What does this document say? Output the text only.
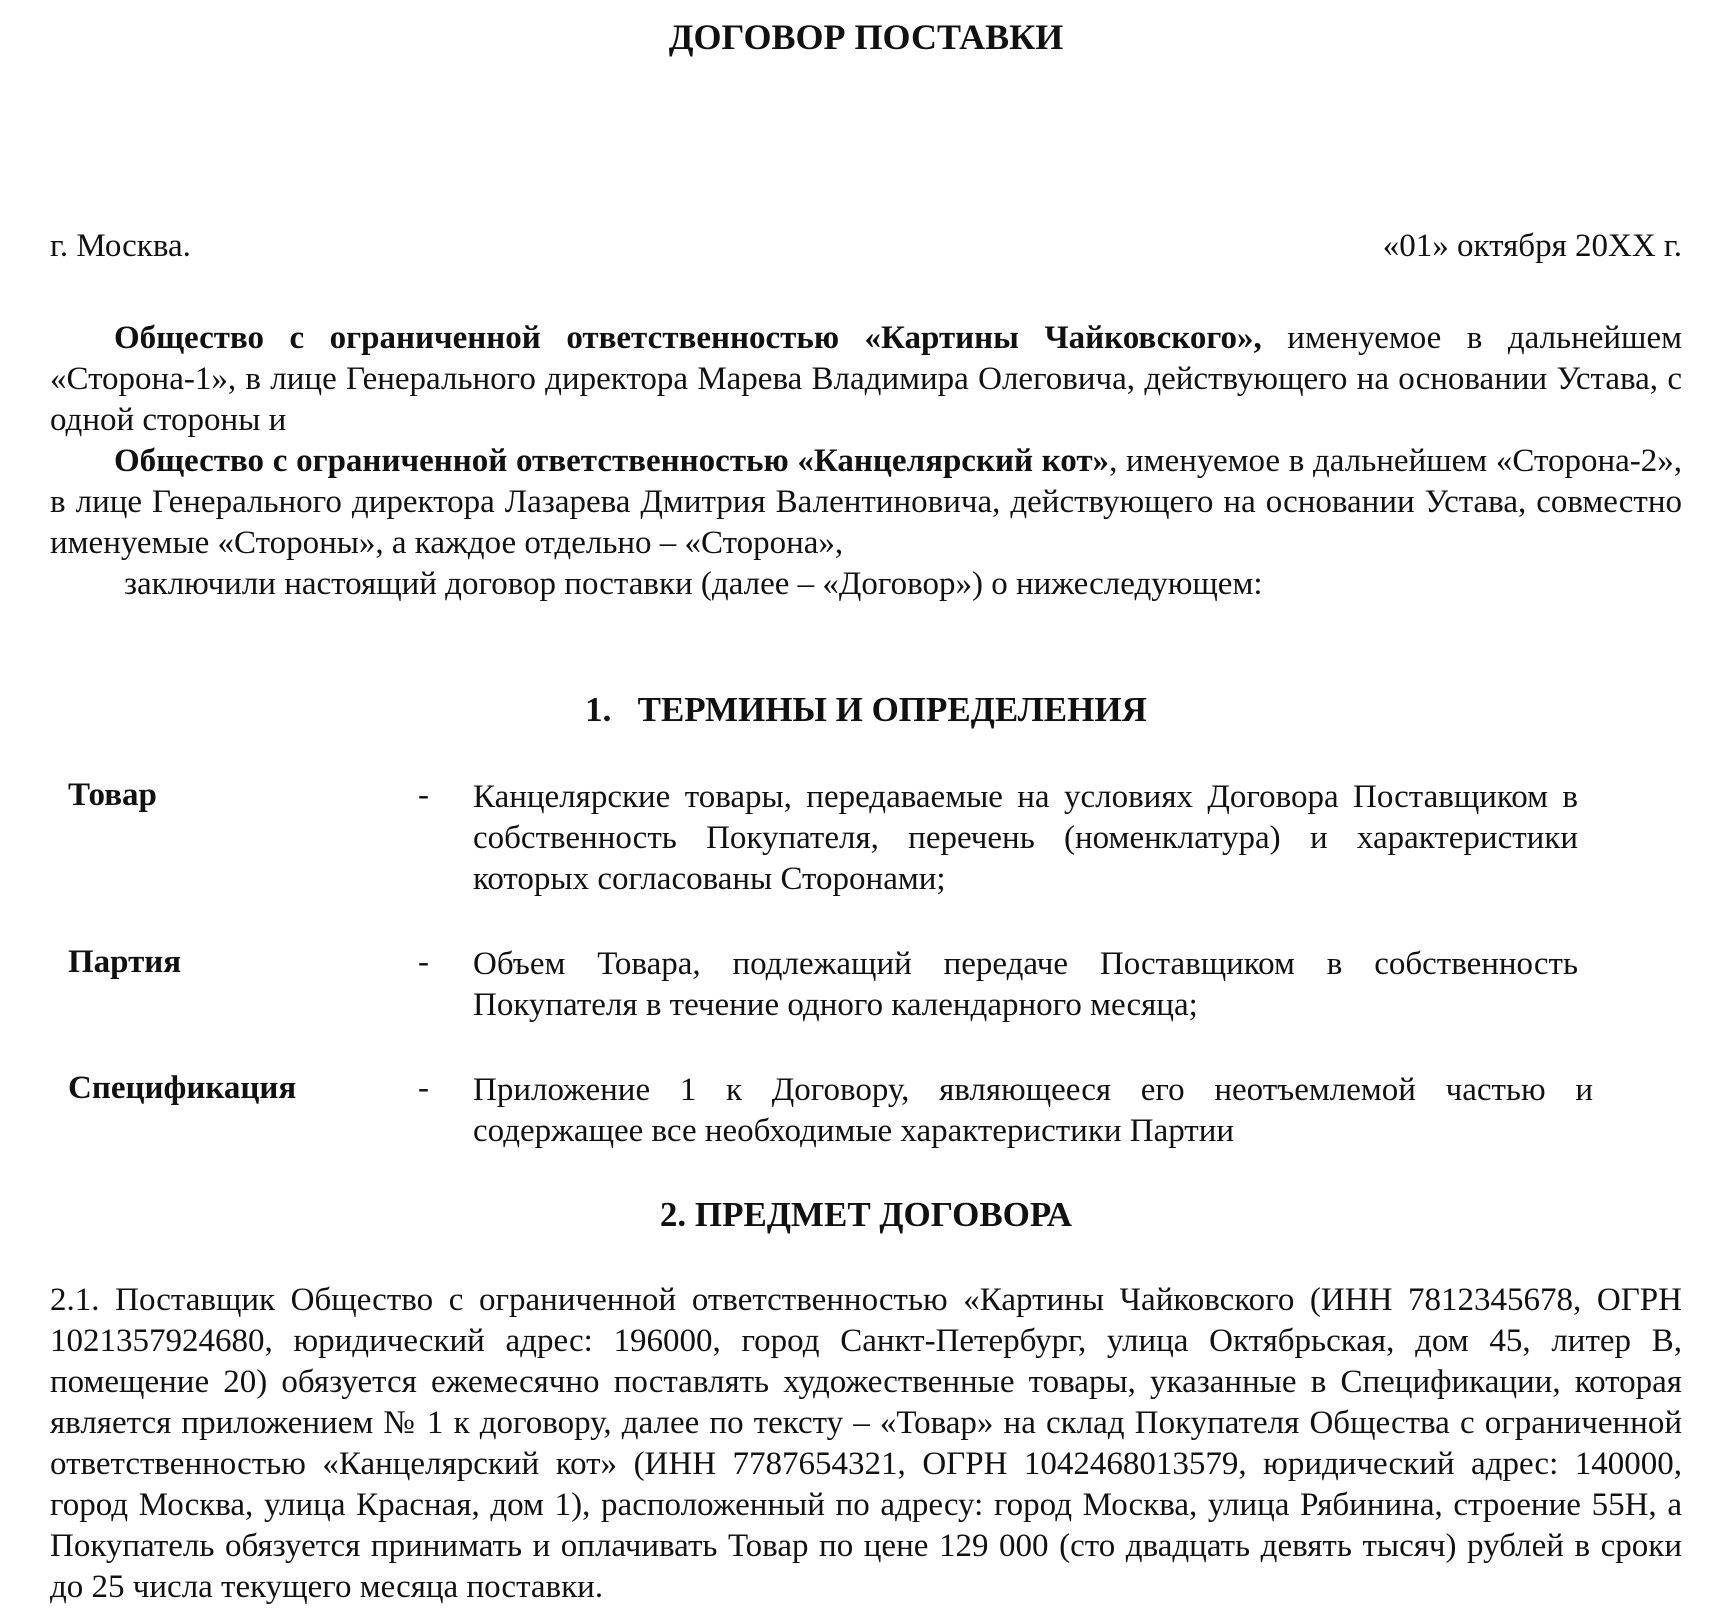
ДОГОВОР ПОСТАВКИ

г. Москва.	«01» октября 20ХХ г.

Общество с ограниченной ответственностью «Картины Чайковского», именуемое в дальнейшем «Сторона-1», в лице Генерального директора Марева Владимира Олеговича, действующего на основании Устава, с одной стороны и

Общество с ограниченной ответственностью «Канцелярский кот», именуемое в дальнейшем «Сторона-2», в лице Генерального директора Лазарева Дмитрия Валентиновича, действующего на основании Устава, совместно именуемые «Стороны», а каждое отдельно – «Сторона»,

заключили настоящий договор поставки (далее – «Договор») о нижеследующем:

1. ТЕРМИНЫ И ОПРЕДЕЛЕНИЯ

Товар	- Канцелярские товары, передаваемые на условиях Договора Поставщиком в собственность Покупателя, перечень (номенклатура) и характеристики которых согласованы Сторонами;

Партия	- Объем Товара, подлежащий передаче Поставщиком в собственность Покупателя в течение одного календарного месяца;

Спецификация	- Приложение 1 к Договору, являющееся его неотъемлемой частью и содержащее все необходимые характеристики Партии

2. ПРЕДМЕТ ДОГОВОРА

2.1. Поставщик Общество с ограниченной ответственностью «Картины Чайковского (ИНН 7812345678, ОГРН 1021357924680, юридический адрес: 196000, город Санкт-Петербург, улица Октябрьская, дом 45, литер В, помещение 20) обязуется ежемесячно поставлять художественные товары, указанные в Спецификации, которая является приложением № 1 к договору, далее по тексту – «Товар» на склад Покупателя Общества с ограниченной ответственностью «Канцелярский кот» (ИНН 7787654321, ОГРН 1042468013579, юридический адрес: 140000, город Москва, улица Красная, дом 1), расположенный по адресу: город Москва, улица Рябинина, строение 55Н, а Покупатель обязуется принимать и оплачивать Товар по цене 129 000 (сто двадцать девять тысяч) рублей в сроки до 25 числа текущего месяца поставки.
